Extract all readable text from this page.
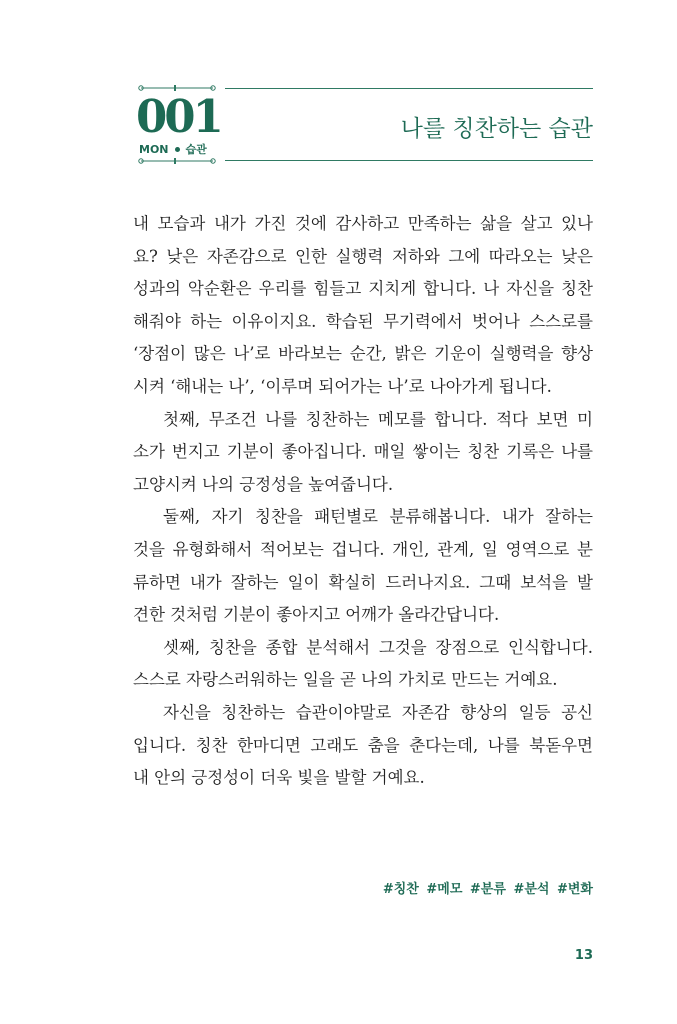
001
MON 습관
나를 칭찬하는 습관
내 모습과 내가 가진 것에 감사하고 만족하는 삶을 살고 있나
요? 낮은 자존감으로 인한 실행력 저하와 그에 따라오는 낮은
성과의 악순환은 우리를 힘들고 지치게 합니다. 나 자신을 칭찬
해줘야 하는 이유이지요. 학습된 무기력에서 벗어나 스스로를
‘장점이 많은 나’로 바라보는 순간, 밝은 기운이 실행력을 향상
시켜 ‘해내는 나’, ‘이루며 되어가는 나’로 나아가게 됩니다.
첫째, 무조건 나를 칭찬하는 메모를 합니다. 적다 보면 미
소가 번지고 기분이 좋아집니다. 매일 쌓이는 칭찬 기록은 나를
고양시켜 나의 긍정성을 높여줍니다.
둘째, 자기 칭찬을 패턴별로 분류해봅니다. 내가 잘하는
것을 유형화해서 적어보는 겁니다. 개인, 관계, 일 영역으로 분
류하면 내가 잘하는 일이 확실히 드러나지요. 그때 보석을 발
견한 것처럼 기분이 좋아지고 어깨가 올라간답니다.
셋째, 칭찬을 종합 분석해서 그것을 장점으로 인식합니다.
스스로 자랑스러워하는 일을 곧 나의 가치로 만드는 거예요.
자신을 칭찬하는 습관이야말로 자존감 향상의 일등 공신
입니다. 칭찬 한마디면 고래도 춤을 춘다는데, 나를 북돋우면
내 안의 긍정성이 더욱 빛을 발할 거예요.
#칭찬 #메모 #분류 #분석 #변화
13
